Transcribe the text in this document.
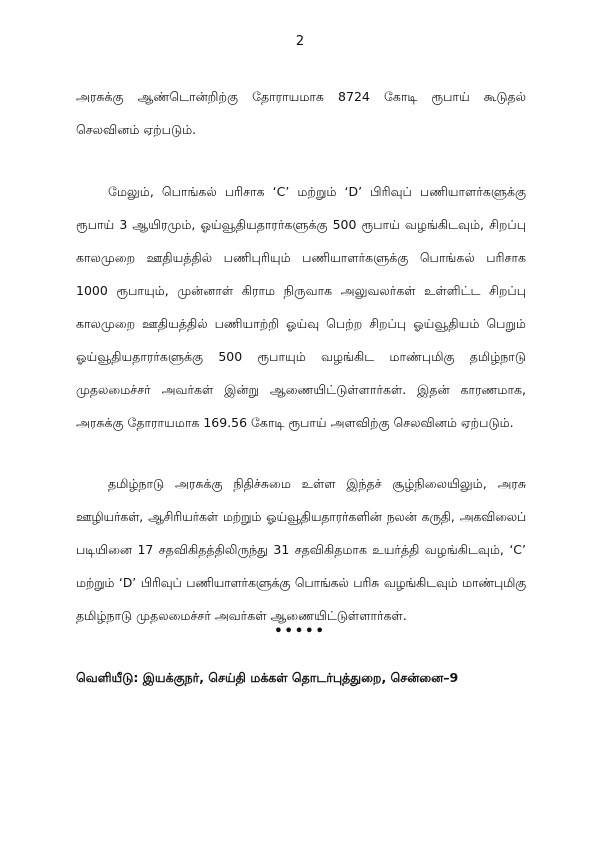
2
அரசுக்கு ஆண்டொன்றிற்கு தோராயமாக 8724 கோடி ரூபாய் கூடுதல்
செலவினம் ஏற்படும்.
மேலும், பொங்கல் பரிசாக ‘C’ மற்றும் ‘D’ பிரிவுப் பணியாளர்களுக்கு
ரூபாய் 3 ஆயிரமும், ஓய்வூதியதாரர்களுக்கு 500 ரூபாய் வழங்கிடவும், சிறப்பு
காலமுறை ஊதியத்தில் பணிபுரியும் பணியாளர்களுக்கு பொங்கல் பரிசாக
1000 ரூபாயும், முன்னாள் கிராம நிருவாக அலுவலர்கள் உள்ளிட்ட சிறப்பு
காலமுறை ஊதியத்தில் பணியாற்றி ஓய்வு பெற்ற சிறப்பு ஓய்வூதியம் பெறும்
ஓய்வூதியதாரர்களுக்கு 500 ரூபாயும் வழங்கிட மாண்புமிகு தமிழ்நாடு
முதலமைச்சர் அவர்கள் இன்று ஆணையிட்டுள்ளார்கள். இதன் காரணமாக,
அரசுக்கு தோராயமாக 169.56 கோடி ரூபாய் அளவிற்கு செலவினம் ஏற்படும்.
தமிழ்நாடு அரசுக்கு நிதிச்சுமை உள்ள இந்தச் சூழ்நிலையிலும், அரசு
ஊழியர்கள், ஆசிரியர்கள் மற்றும் ஓய்வூதியதாரர்களின் நலன் கருதி, அகவிலைப்
படியினை 17 சதவிகிதத்திலிருந்து 31 சதவிகிதமாக உயர்த்தி வழங்கிடவும், ‘C’
மற்றும் ‘D’ பிரிவுப் பணியாளர்களுக்கு பொங்கல் பரிசு வழங்கிடவும் மாண்புமிகு
தமிழ்நாடு முதலமைச்சர் அவர்கள் ஆணையிட்டுள்ளார்கள்.
•••••
வெளியீடு: இயக்குநர், செய்தி மக்கள் தொடர்புத்துறை, சென்னை–9
